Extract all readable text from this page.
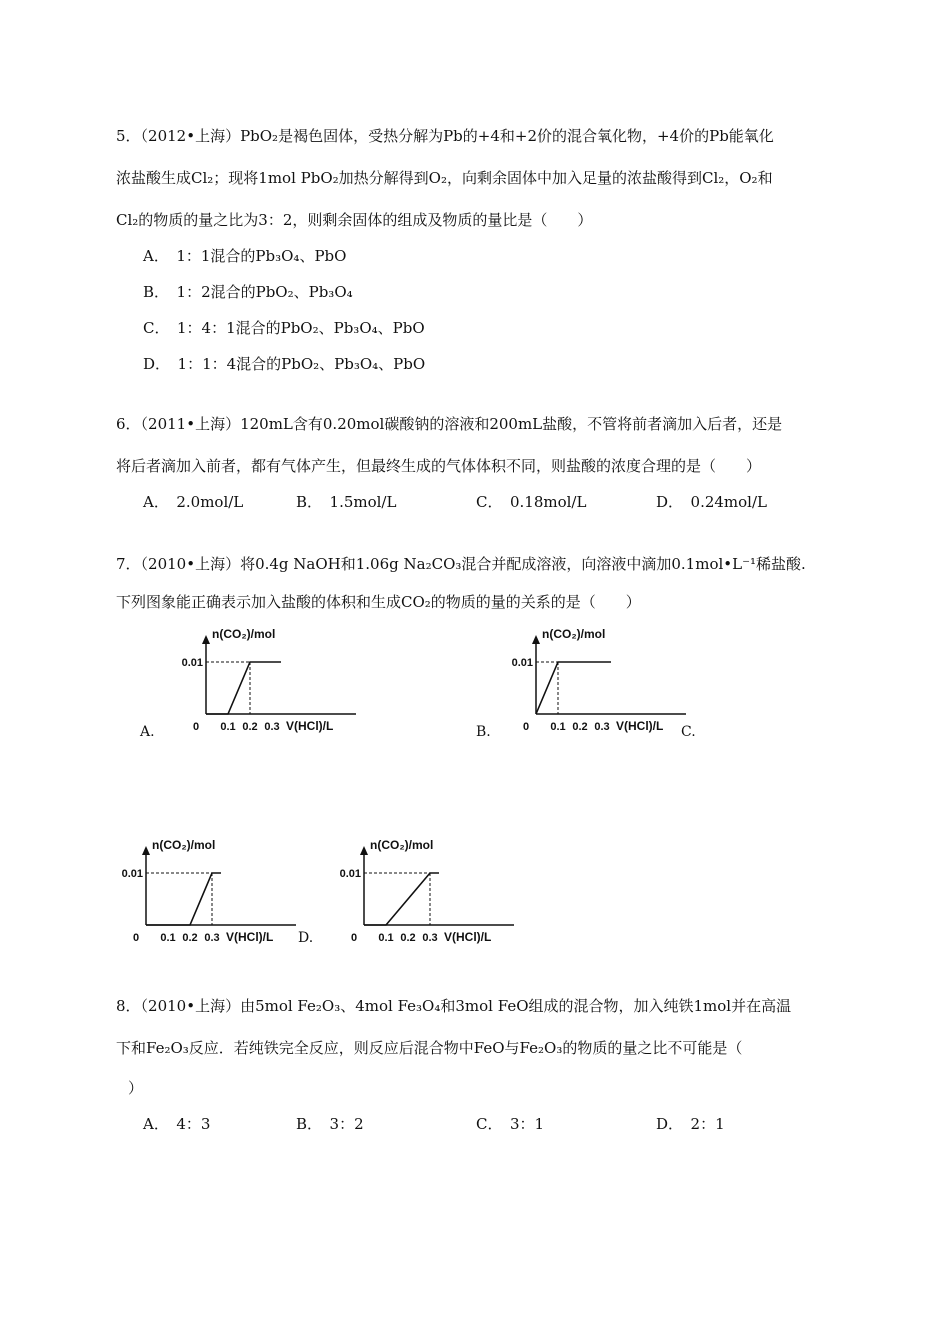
5．（2012•上海）PbO₂是褐色固体，受热分解为Pb的+4和+2价的混合氧化物，+4价的Pb能氧化
浓盐酸生成Cl₂；现将1mol PbO₂加热分解得到O₂，向剩余固体中加入足量的浓盐酸得到Cl₂，O₂和
Cl₂的物质的量之比为3：2，则剩余固体的组成及物质的量比是（　　）
A．　1：1混合的Pb₃O₄、PbO
B．　1：2混合的PbO₂、Pb₃O₄
C．　1：4：1混合的PbO₂、Pb₃O₄、PbO
D．　1：1：4混合的PbO₂、Pb₃O₄、PbO
6．（2011•上海）120mL含有0.20mol碳酸钠的溶液和200mL盐酸，不管将前者滴加入后者，还是
将后者滴加入前者，都有气体产生，但最终生成的气体体积不同，则盐酸的浓度合理的是（　　）
A．　2.0mol/L	B．　1.5mol/L	C．　0.18mol/L	D．　0.24mol/L
7．（2010•上海）将0.4g NaOH和1.06g Na₂CO₃混合并配成溶液，向溶液中滴加0.1mol•L⁻¹稀盐酸.
下列图象能正确表示加入盐酸的体积和生成CO₂的物质的量的关系的是（　　）
A.	B.	C.
D.
n(CO₂)/mol
0.01
0 0.1 0.2 0.3 V(HCl)/L
n(CO₂)/mol
0.01
0 0.1 0.2 0.3 V(HCl)/L
n(CO₂)/mol
0.01
0 0.1 0.2 0.3 V(HCl)/L
n(CO₂)/mol
0.01
0 0.1 0.2 0.3 V(HCl)/L
8．（2010•上海）由5mol Fe₂O₃、4mol Fe₃O₄和3mol FeO组成的混合物，加入纯铁1mol并在高温
下和Fe₂O₃反应．若纯铁完全反应，则反应后混合物中FeO与Fe₂O₃的物质的量之比不可能是（
）
A．　4：3	B．　3：2	C．　3：1	D．　2：1
